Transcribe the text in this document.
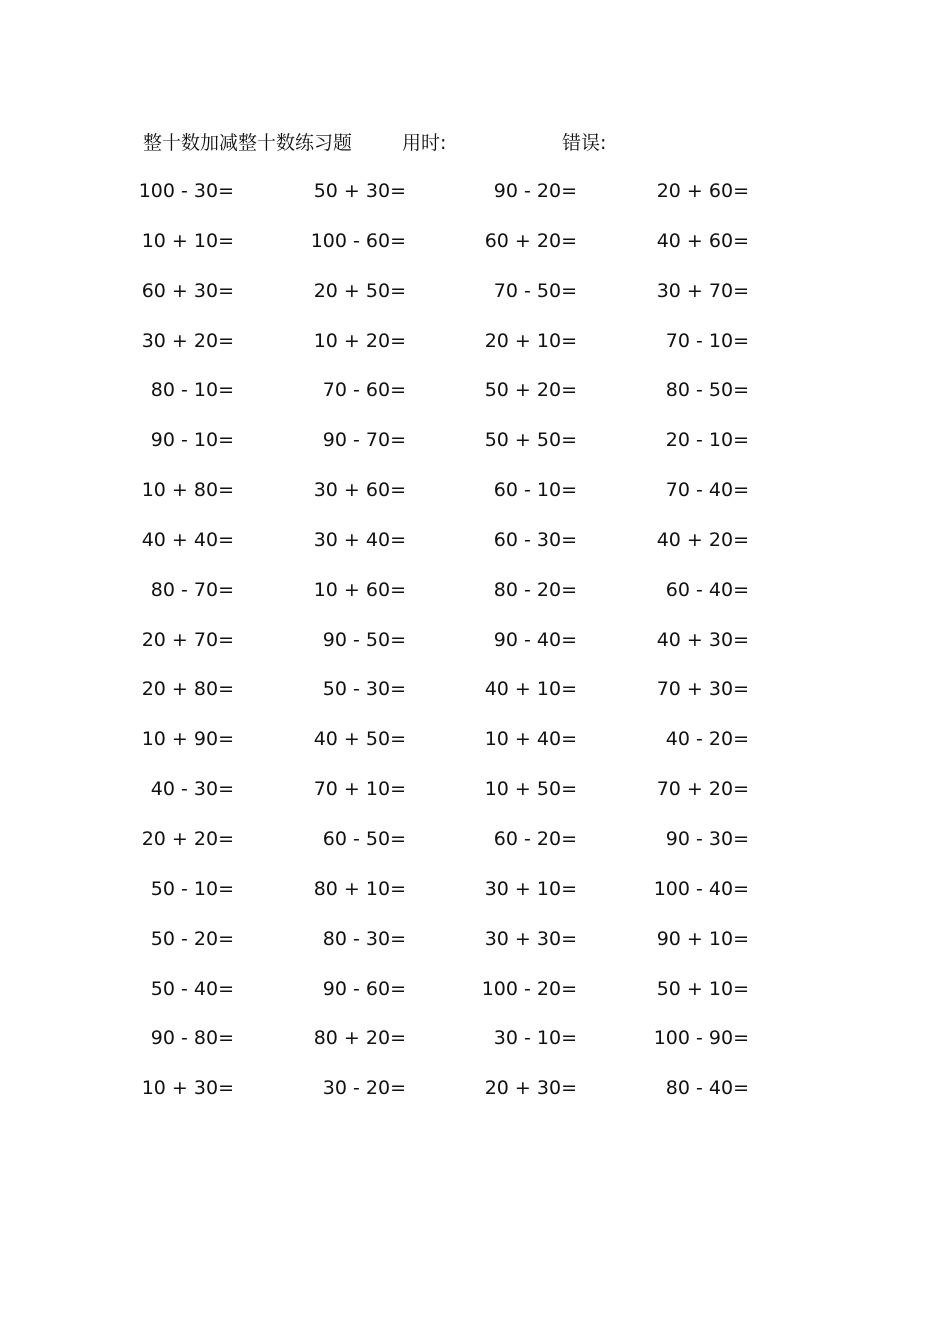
整十数加减整十数练习题	用时:	错误:
100 - 30=	50 + 30=	90 - 20=	20 + 60=
10 + 10=	100 - 60=	60 + 20=	40 + 60=
60 + 30=	20 + 50=	70 - 50=	30 + 70=
30 + 20=	10 + 20=	20 + 10=	70 - 10=
80 - 10=	70 - 60=	50 + 20=	80 - 50=
90 - 10=	90 - 70=	50 + 50=	20 - 10=
10 + 80=	30 + 60=	60 - 10=	70 - 40=
40 + 40=	30 + 40=	60 - 30=	40 + 20=
80 - 70=	10 + 60=	80 - 20=	60 - 40=
20 + 70=	90 - 50=	90 - 40=	40 + 30=
20 + 80=	50 - 30=	40 + 10=	70 + 30=
10 + 90=	40 + 50=	10 + 40=	40 - 20=
40 - 30=	70 + 10=	10 + 50=	70 + 20=
20 + 20=	60 - 50=	60 - 20=	90 - 30=
50 - 10=	80 + 10=	30 + 10=	100 - 40=
50 - 20=	80 - 30=	30 + 30=	90 + 10=
50 - 40=	90 - 60=	100 - 20=	50 + 10=
90 - 80=	80 + 20=	30 - 10=	100 - 90=
10 + 30=	30 - 20=	20 + 30=	80 - 40=
